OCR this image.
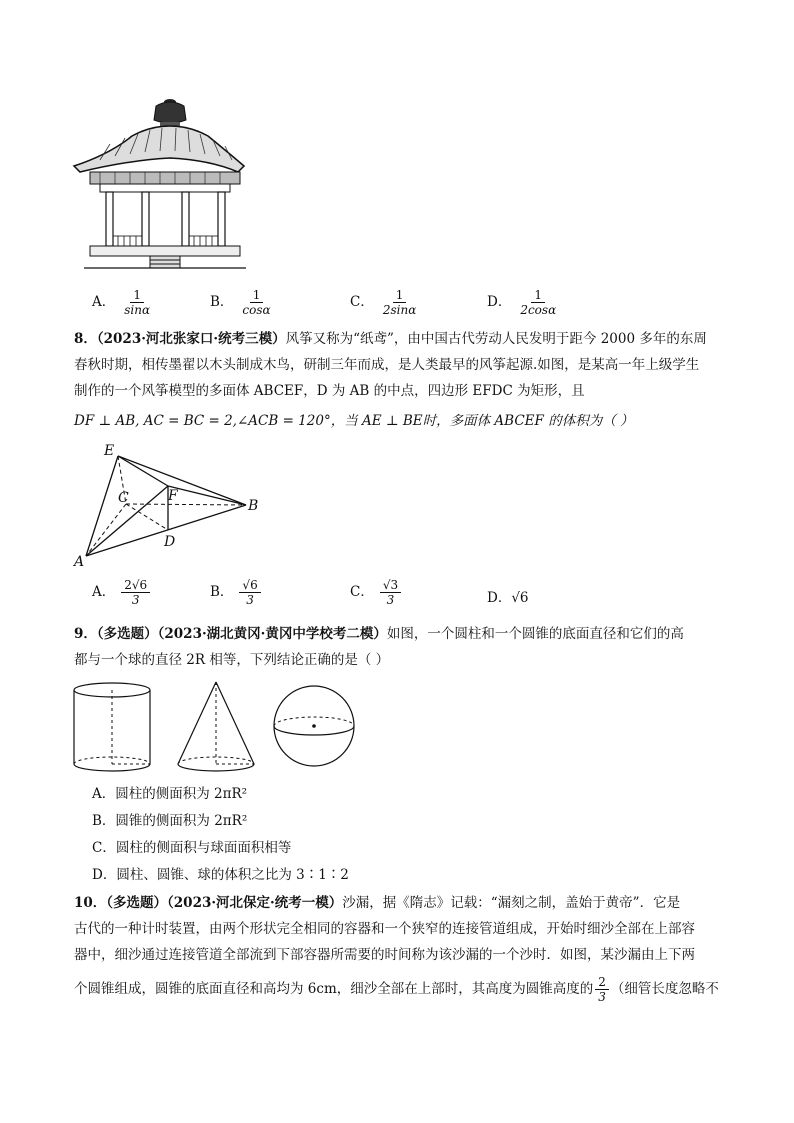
A． $\frac{1}{\sin\alpha}$	B． $\frac{1}{\cos\alpha}$	C． $\frac{1}{2\sin\alpha}$	D． $\frac{1}{2\cos\alpha}$
8．（2023·河北张家口·统考三模）风筝又称为“纸鸢”，由中国古代劳动人民发明于距今 2000 多年的东周
春秋时期，相传墨翟以木头制成木鸟，研制三年而成，是人类最早的风筝起源.如图，是某高一年上级学生
制作的一个风筝模型的多面体 ABCEF，D 为 AB 的中点，四边形 EFDC 为矩形，且
DF ⊥ AB, AC = BC = 2,∠ACB = 120°，当 AE ⊥ BE时，多面体 ABCEF 的体积为（ ）
E
C	F
B
D
A
A． $\frac{2√6}{3}$	B． $\frac{√6}{3}$	C． $\frac{√3}{3}$	D．√6
9．（多选题）（2023·湖北黄冈·黄冈中学校考二模）如图，一个圆柱和一个圆锥的底面直径和它们的高
都与一个球的直径 2R 相等，下列结论正确的是（ ）
A．圆柱的侧面积为 2πR²
B．圆锥的侧面积为 2πR²
C．圆柱的侧面积与球面面积相等
D．圆柱、圆锥、球的体积之比为 3∶1∶2
10．（多选题）（2023·河北保定·统考一模）沙漏，据《隋志》记载：“漏刻之制，盖始于黄帝”．它是
古代的一种计时装置，由两个形状完全相同的容器和一个狭窄的连接管道组成，开始时细沙全部在上部容
器中，细沙通过连接管道全部流到下部容器所需要的时间称为该沙漏的一个沙时．如图，某沙漏由上下两
个圆锥组成，圆锥的底面直径和高均为 6cm，细沙全部在上部时，其高度为圆锥高度的 $\frac{2}{3}$ （细管长度忽略不
